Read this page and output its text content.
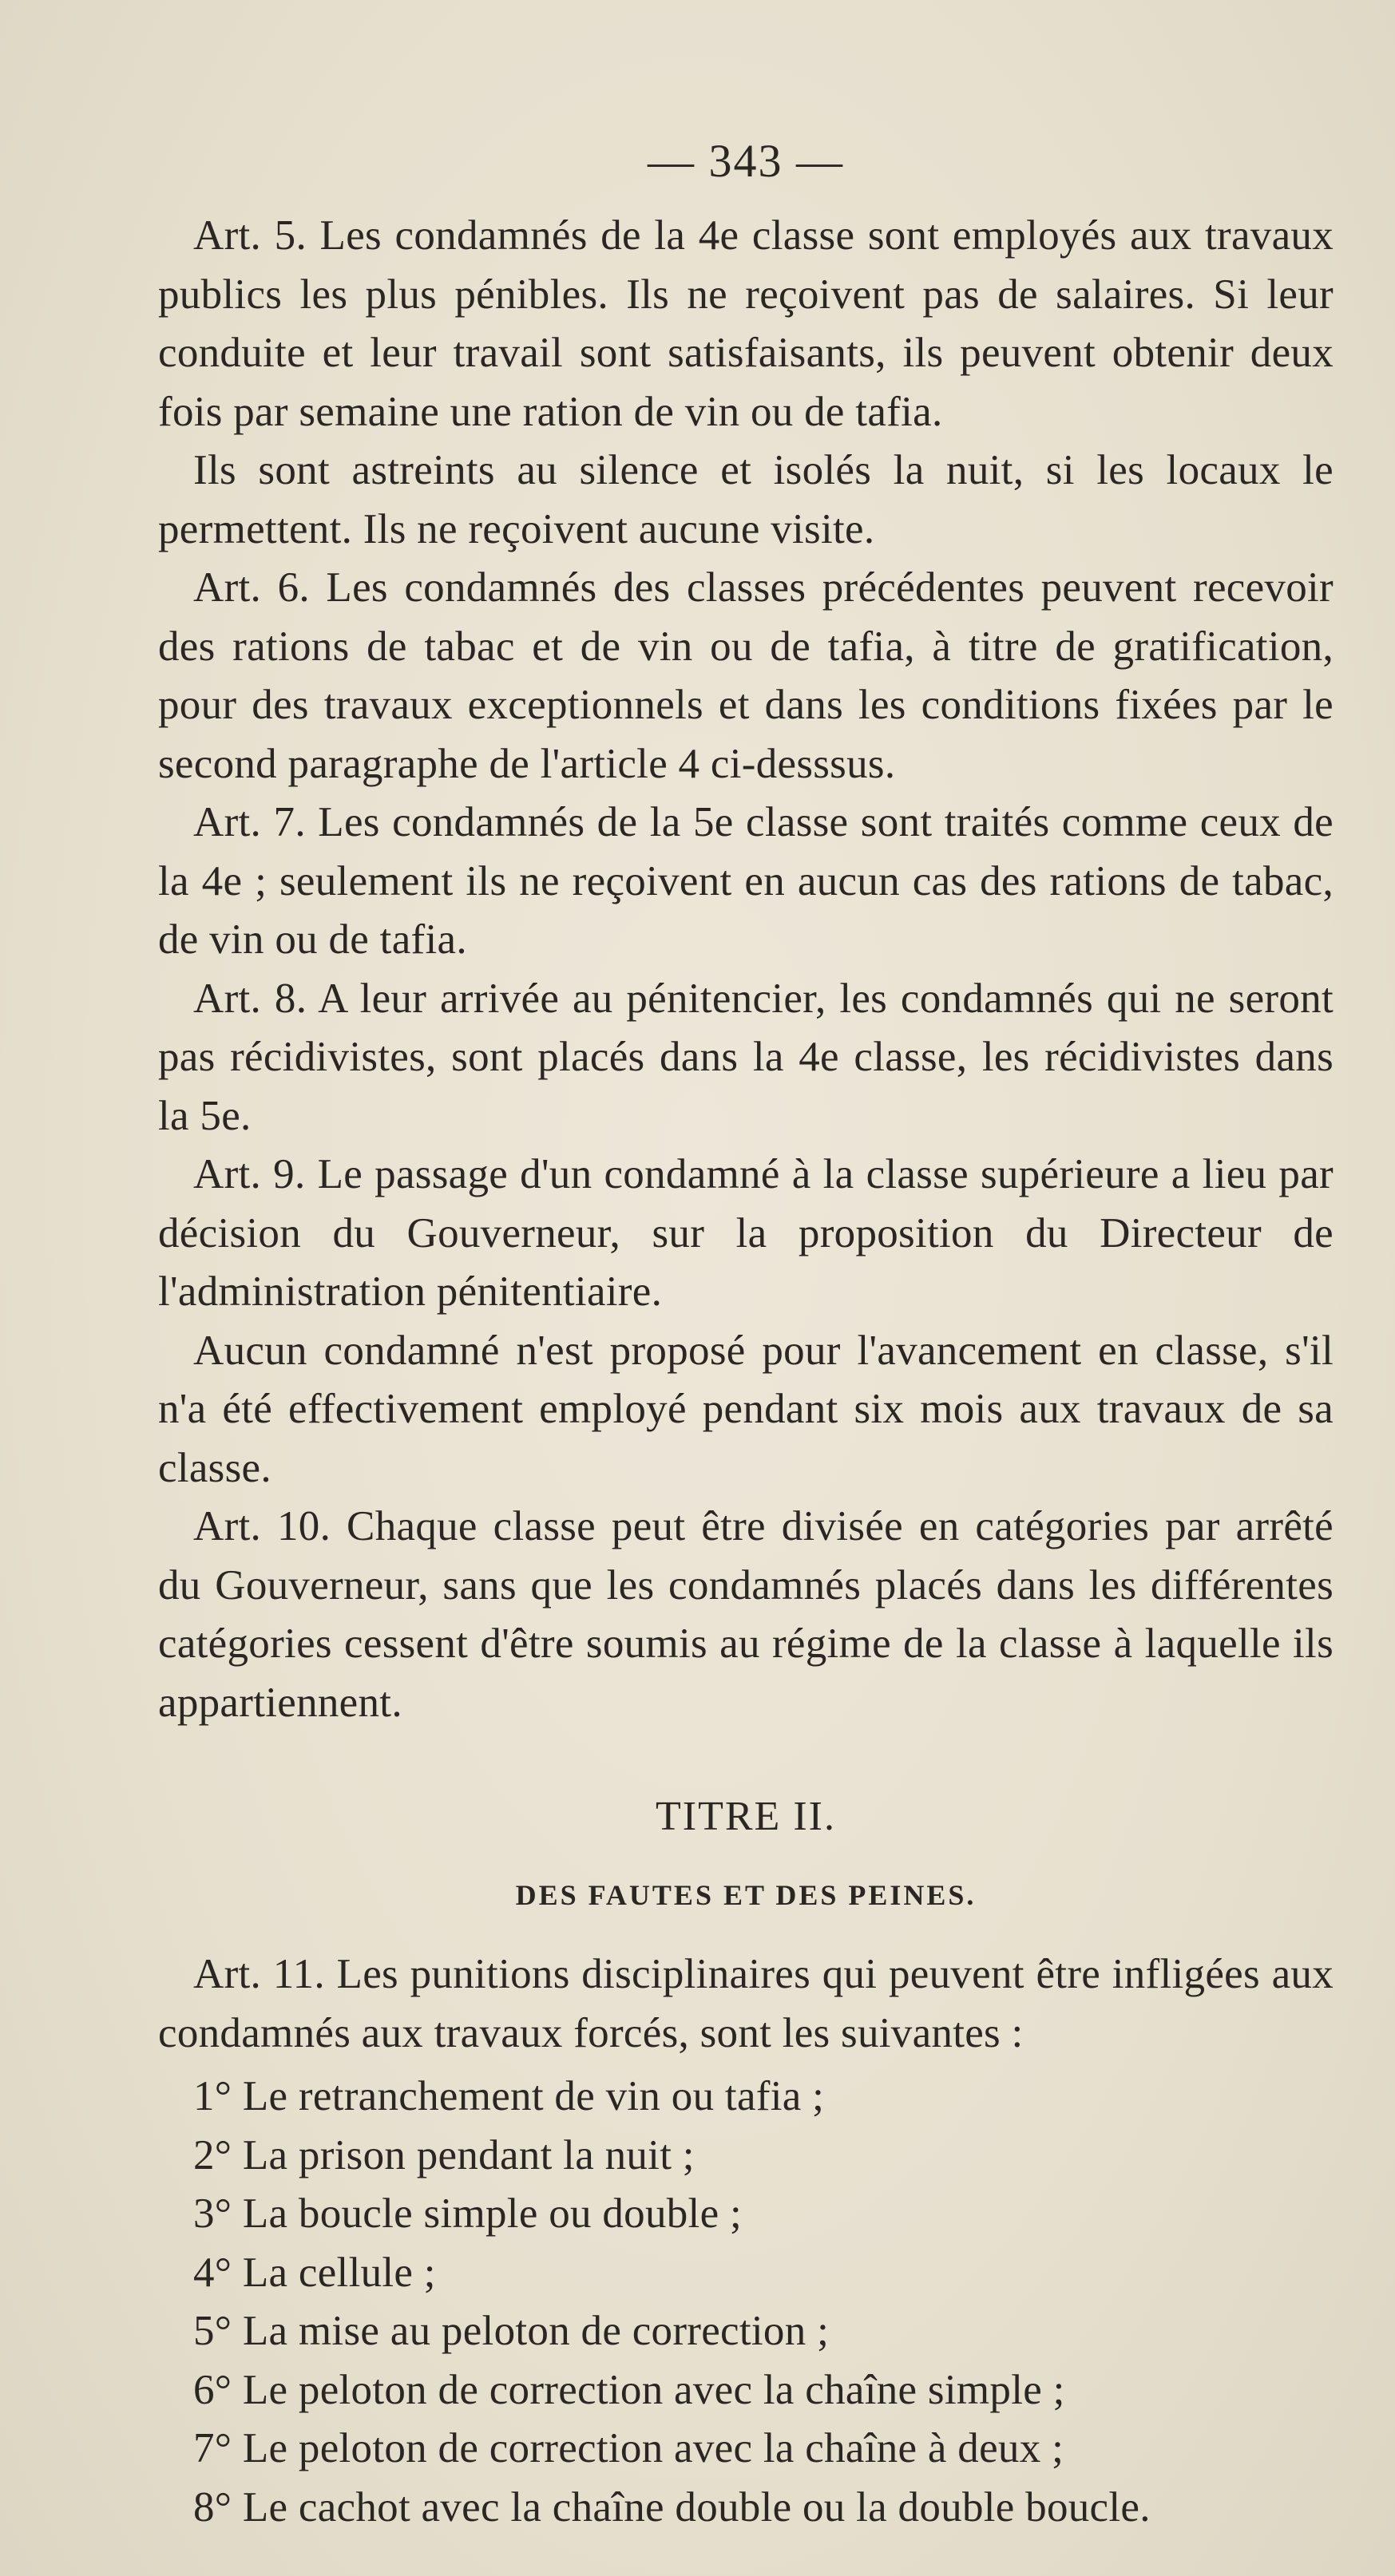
— 343 —

Art. 5. Les condamnés de la 4e classe sont employés aux travaux publics les plus pénibles. Ils ne reçoivent pas de salaires. Si leur conduite et leur travail sont satisfaisants, ils peuvent obtenir deux fois par semaine une ration de vin ou de tafia.

Ils sont astreints au silence et isolés la nuit, si les locaux le permettent. Ils ne reçoivent aucune visite.

Art. 6. Les condamnés des classes précédentes peuvent recevoir des rations de tabac et de vin ou de tafia, à titre de gratification, pour des travaux exceptionnels et dans les conditions fixées par le second paragraphe de l'article 4 ci-desssus.

Art. 7. Les condamnés de la 5e classe sont traités comme ceux de la 4e ; seulement ils ne reçoivent en aucun cas des rations de tabac, de vin ou de tafia.

Art. 8. A leur arrivée au pénitencier, les condamnés qui ne seront pas récidivistes, sont placés dans la 4e classe, les récidivistes dans la 5e.

Art. 9. Le passage d'un condamné à la classe supérieure a lieu par décision du Gouverneur, sur la proposition du Directeur de l'administration pénitentiaire.

Aucun condamné n'est proposé pour l'avancement en classe, s'il n'a été effectivement employé pendant six mois aux travaux de sa classe.

Art. 10. Chaque classe peut être divisée en catégories par arrêté du Gouverneur, sans que les condamnés placés dans les différentes catégories cessent d'être soumis au régime de la classe à laquelle ils appartiennent.

TITRE II.
DES FAUTES ET DES PEINES.

Art. 11. Les punitions disciplinaires qui peuvent être infligées aux condamnés aux travaux forcés, sont les suivantes :

1° Le retranchement de vin ou tafia ;
2° La prison pendant la nuit ;
3° La boucle simple ou double ;
4° La cellule ;
5° La mise au peloton de correction ;
6° Le peloton de correction avec la chaîne simple ;
7° Le peloton de correction avec la chaîne à deux ;
8° Le cachot avec la chaîne double ou la double boucle.
